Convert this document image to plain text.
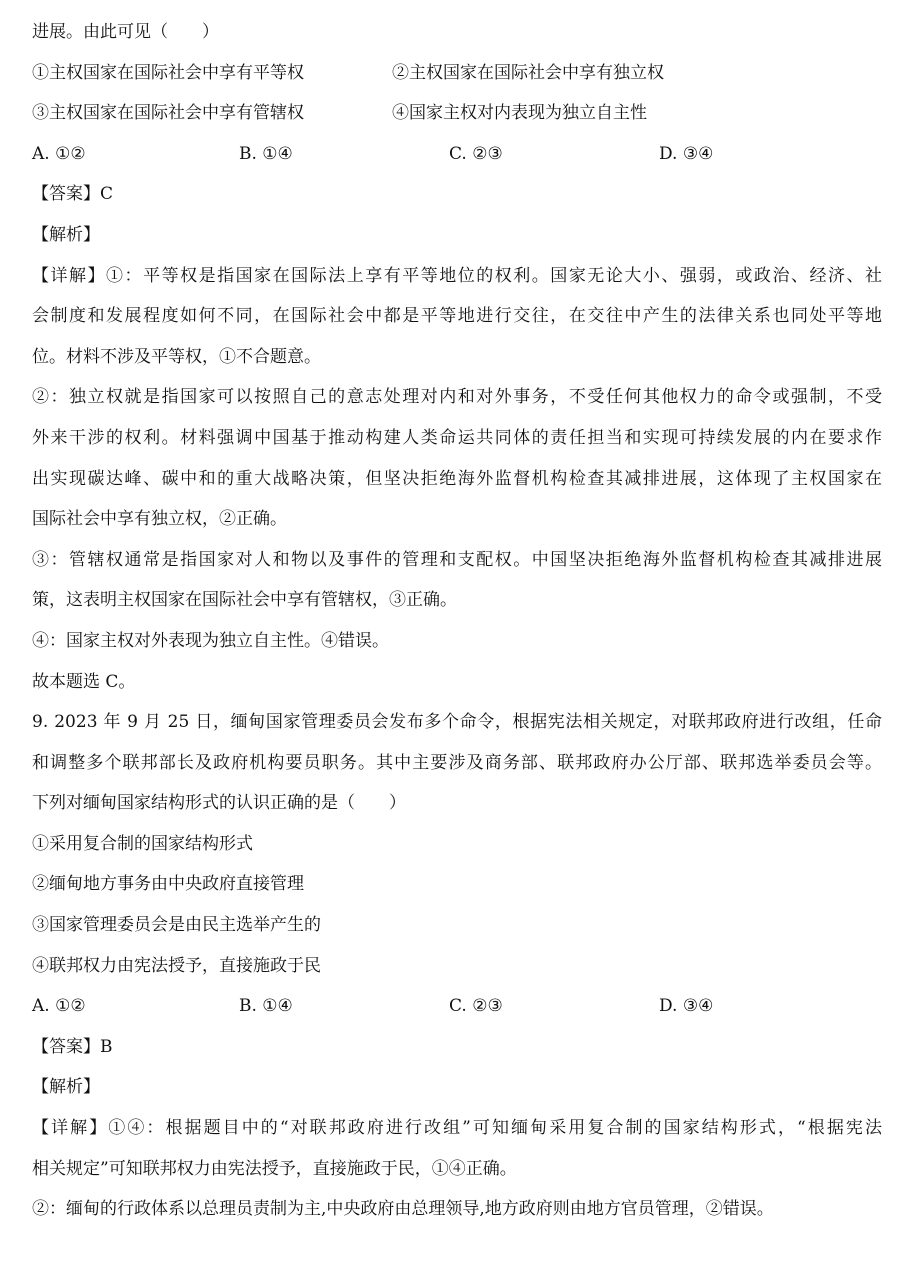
进展。由此可见（　　）
①主权国家在国际社会中享有平等权	②主权国家在国际社会中享有独立权
③主权国家在国际社会中享有管辖权	④国家主权对内表现为独立自主性
A. ①②	B. ①④	C. ②③	D. ③④
【答案】C
【解析】
【详解】①：平等权是指国家在国际法上享有平等地位的权利。国家无论大小、强弱，或政治、经济、社
会制度和发展程度如何不同，在国际社会中都是平等地进行交往，在交往中产生的法律关系也同处平等地
位。材料不涉及平等权，①不合题意。
②：独立权就是指国家可以按照自己的意志处理对内和对外事务，不受任何其他权力的命令或强制，不受
外来干涉的权利。材料强调中国基于推动构建人类命运共同体的责任担当和实现可持续发展的内在要求作
出实现碳达峰、碳中和的重大战略决策，但坚决拒绝海外监督机构检查其减排进展，这体现了主权国家在
国际社会中享有独立权，②正确。
③：管辖权通常是指国家对人和物以及事件的管理和支配权。中国坚决拒绝海外监督机构检查其减排进展
策，这表明主权国家在国际社会中享有管辖权，③正确。
④：国家主权对外表现为独立自主性。④错误。
故本题选 C。
9. 2023 年 9 月 25 日，缅甸国家管理委员会发布多个命令，根据宪法相关规定，对联邦政府进行改组，任命
和调整多个联邦部长及政府机构要员职务。其中主要涉及商务部、联邦政府办公厅部、联邦选举委员会等。
下列对缅甸国家结构形式的认识正确的是（　　）
①采用复合制的国家结构形式
②缅甸地方事务由中央政府直接管理
③国家管理委员会是由民主选举产生的
④联邦权力由宪法授予，直接施政于民
A. ①②	B. ①④	C. ②③	D. ③④
【答案】B
【解析】
【详解】①④：根据题目中的“对联邦政府进行改组”可知缅甸采用复合制的国家结构形式，“根据宪法
相关规定”可知联邦权力由宪法授予，直接施政于民，①④正确。
②：缅甸的行政体系以总理员责制为主,中央政府由总理领导,地方政府则由地方官员管理，②错误。
